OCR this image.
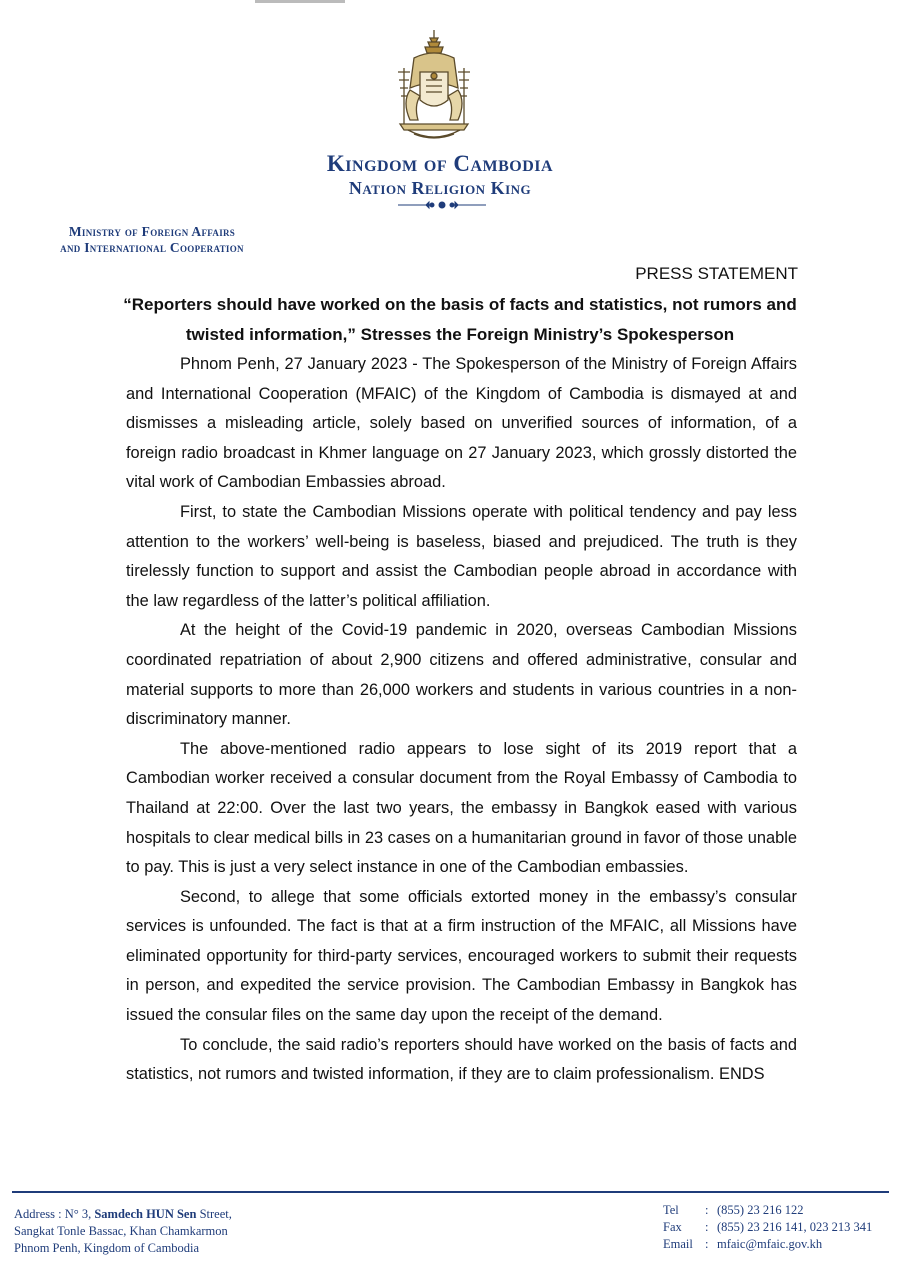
Kingdom of Cambodia
Nation Religion King
Ministry of Foreign Affairs
and International Cooperation
PRESS STATEMENT
“Reporters should have worked on the basis of facts and statistics, not rumors and
twisted information,” Stresses the Foreign Ministry’s Spokesperson

Phnom Penh, 27 January 2023 - The Spokesperson of the Ministry of Foreign Affairs and International Cooperation (MFAIC) of the Kingdom of Cambodia is dismayed at and dismisses a misleading article, solely based on unverified sources of information, of a foreign radio broadcast in Khmer language on 27 January 2023, which grossly distorted the vital work of Cambodian Embassies abroad.

First, to state the Cambodian Missions operate with political tendency and pay less attention to the workers’ well-being is baseless, biased and prejudiced. The truth is they tirelessly function to support and assist the Cambodian people abroad in accordance with the law regardless of the latter’s political affiliation.

At the height of the Covid-19 pandemic in 2020, overseas Cambodian Missions coordinated repatriation of about 2,900 citizens and offered administrative, consular and material supports to more than 26,000 workers and students in various countries in a non-discriminatory manner.

The above-mentioned radio appears to lose sight of its 2019 report that a Cambodian worker received a consular document from the Royal Embassy of Cambodia to Thailand at 22:00. Over the last two years, the embassy in Bangkok eased with various hospitals to clear medical bills in 23 cases on a humanitarian ground in favor of those unable to pay. This is just a very select instance in one of the Cambodian embassies.

Second, to allege that some officials extorted money in the embassy’s consular services is unfounded. The fact is that at a firm instruction of the MFAIC, all Missions have eliminated opportunity for third-party services, encouraged workers to submit their requests in person, and expedited the service provision. The Cambodian Embassy in Bangkok has issued the consular files on the same day upon the receipt of the demand.

To conclude, the said radio’s reporters should have worked on the basis of facts and statistics, not rumors and twisted information, if they are to claim professionalism. ENDS

Address : N° 3, Samdech HUN Sen Street,
Sangkat Tonle Bassac, Khan Chamkarmon
Phnom Penh, Kingdom of Cambodia
Tel : (855) 23 216 122
Fax : (855) 23 216 141, 023 213 341
Email : mfaic@mfaic.gov.kh
